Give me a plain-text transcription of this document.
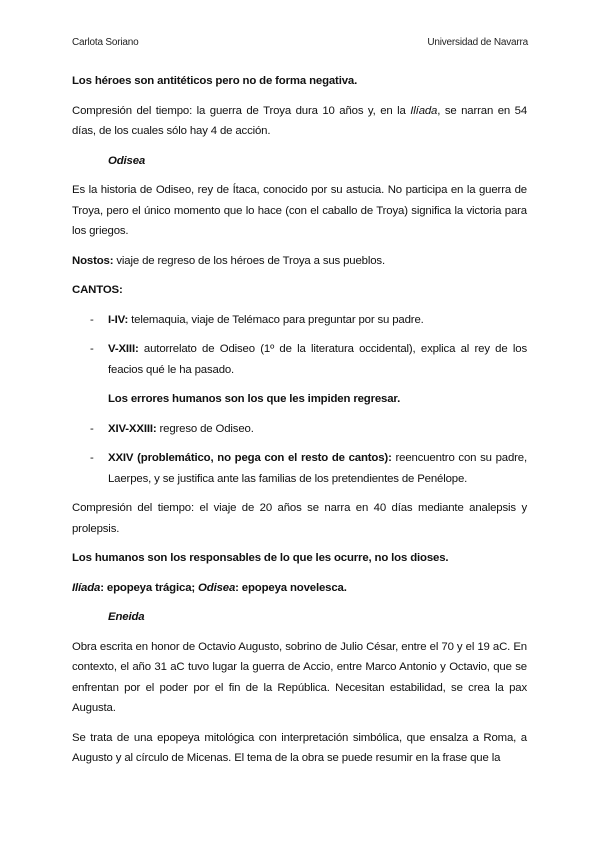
Carlota Soriano	Universidad de Navarra

Los héroes son antitéticos pero no de forma negativa.

Compresión del tiempo: la guerra de Troya dura 10 años y, en la Ilíada, se narran en 54 días, de los cuales sólo hay 4 de acción.

Odisea

Es la historia de Odiseo, rey de Ítaca, conocido por su astucia. No participa en la guerra de Troya, pero el único momento que lo hace (con el caballo de Troya) significa la victoria para los griegos.

Nostos: viaje de regreso de los héroes de Troya a sus pueblos.

CANTOS:

- I-IV: telemaquia, viaje de Telémaco para preguntar por su padre.
- V-XIII: autorrelato de Odiseo (1º de la literatura occidental), explica al rey de los feacios qué le ha pasado.
Los errores humanos son los que les impiden regresar.
- XIV-XXIII: regreso de Odiseo.
- XXIV (problemático, no pega con el resto de cantos): reencuentro con su padre, Laerpes, y se justifica ante las familias de los pretendientes de Penélope.

Compresión del tiempo: el viaje de 20 años se narra en 40 días mediante analepsis y prolepsis.

Los humanos son los responsables de lo que les ocurre, no los dioses.

Ilíada: epopeya trágica; Odisea: epopeya novelesca.

Eneida

Obra escrita en honor de Octavio Augusto, sobrino de Julio César, entre el 70 y el 19 aC. En contexto, el año 31 aC tuvo lugar la guerra de Accio, entre Marco Antonio y Octavio, que se enfrentan por el poder por el fin de la República. Necesitan estabilidad, se crea la pax Augusta.

Se trata de una epopeya mitológica con interpretación simbólica, que ensalza a Roma, a Augusto y al círculo de Micenas. El tema de la obra se puede resumir en la frase que la
